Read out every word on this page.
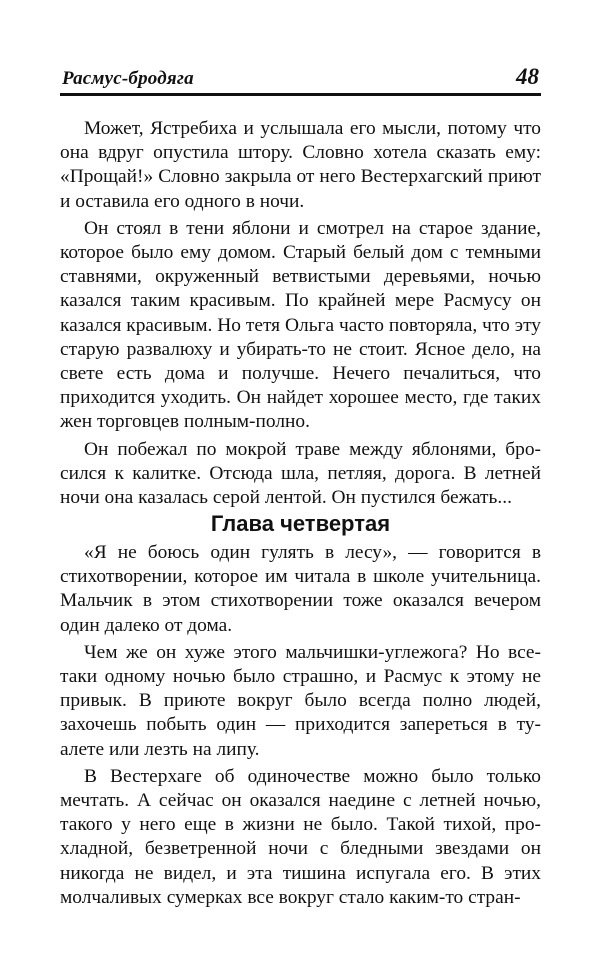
Расмус-бродяга	48

Может, Ястребиха и услышала его мысли, потому что она вдруг опустила штору. Словно хотела сказать ему: «Прощай!» Словно закрыла от него Вестерхагский приют и оставила его одного в ночи.

Он стоял в тени яблони и смотрел на старое здание, которое было ему домом. Старый белый дом с темными ставнями, окруженный ветвистыми деревьями, ночью казался таким красивым. По крайней мере Расмусу он казался красивым. Но тетя Ольга часто повторяла, что эту старую развалюху и убирать-то не стоит. Ясное дело, на свете есть дома и получше. Нечего печалиться, что приходится уходить. Он найдет хорошее место, где таких жен торговцев полным-полно.

Он побежал по мокрой траве между яблонями, бросился к калитке. Отсюда шла, петляя, дорога. В летней ночи она казалась серой лентой. Он пустился бежать...

Глава четвертая

«Я не боюсь один гулять в лесу», — говорится в стихотворении, которое им читала в школе учительница. Мальчик в этом стихотворении тоже оказался вечером один далеко от дома.

Чем же он хуже этого мальчишки-углежога? Но все-таки одному ночью было страшно, и Расмус к этому не привык. В приюте вокруг было всегда полно людей, захочешь побыть один — приходится запереться в туалете или лезть на липу.

В Вестерхаге об одиночестве можно было только мечтать. А сейчас он оказался наедине с летней ночью, такого у него еще в жизни не было. Такой тихой, прохладной, безветренной ночи с бледными звездами он никогда не видел, и эта тишина испугала его. В этих молчаливых сумерках все вокруг стало каким-то стран-
